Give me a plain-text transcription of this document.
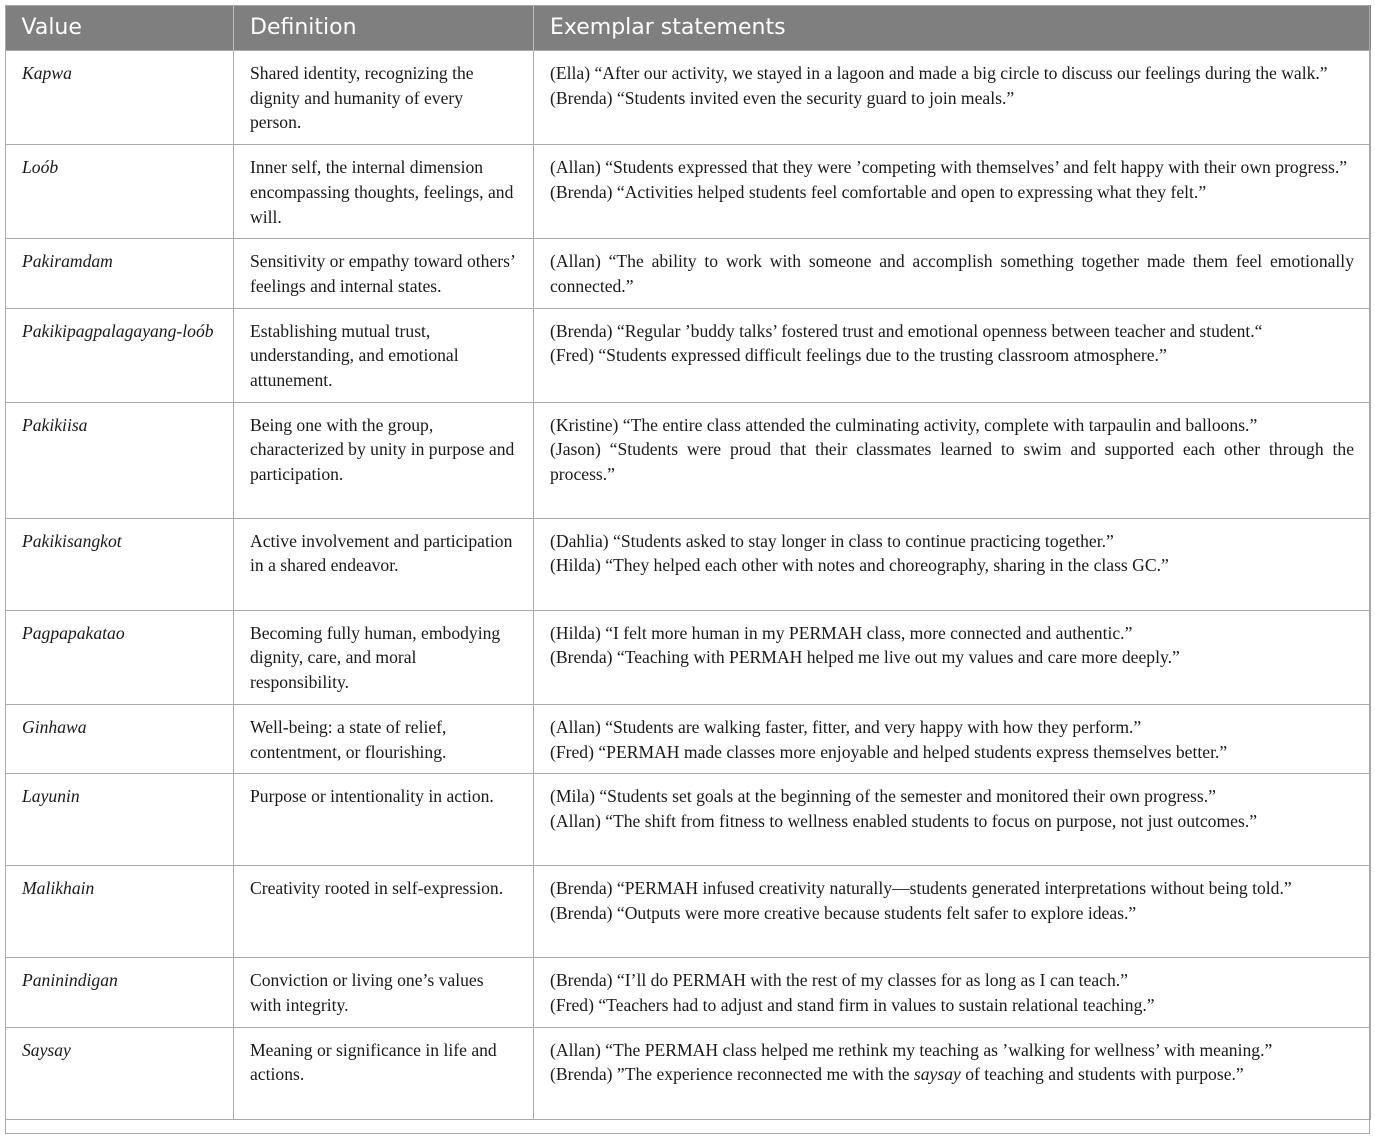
Value	Definition	Exemplar statements
Kapwa	Shared identity, recognizing the dignity and humanity of every person.	(Ella) “After our activity, we stayed in a lagoon and made a big circle to discuss our feelings during the walk.”
(Brenda) “Students invited even the security guard to join meals.”

Loób	Inner self, the internal dimension encompassing thoughts, feelings, and will.	(Allan) “Students expressed that they were ’competing with themselves’ and felt happy with their own progress.”
(Brenda) “Activities helped students feel comfortable and open to expressing what they felt.”

Pakiramdam	Sensitivity or empathy toward others’ feelings and internal states.	(Allan) “The ability to work with someone and accomplish something together made them feel emotionally connected.”

Pakikipagpalagayang-loób	Establishing mutual trust, understanding, and emotional attunement.	(Brenda) “Regular ’buddy talks’ fostered trust and emotional openness between teacher and student.“
(Fred) “Students expressed difficult feelings due to the trusting classroom atmosphere.”

Pakikiisa	Being one with the group, characterized by unity in purpose and participation.	(Kristine) “The entire class attended the culminating activity, complete with tarpaulin and balloons.”
(Jason) “Students were proud that their classmates learned to swim and supported each other through the process.”

Pakikisangkot	Active involvement and participation in a shared endeavor.	(Dahlia) “Students asked to stay longer in class to continue practicing together.”
(Hilda) “They helped each other with notes and choreography, sharing in the class GC.”

Pagpapakatao	Becoming fully human, embodying dignity, care, and moral responsibility.	(Hilda) “I felt more human in my PERMAH class, more connected and authentic.”
(Brenda) “Teaching with PERMAH helped me live out my values and care more deeply.”

Ginhawa	Well-being: a state of relief, contentment, or flourishing.	(Allan) “Students are walking faster, fitter, and very happy with how they perform.”
(Fred) “PERMAH made classes more enjoyable and helped students express themselves better.”

Layunin	Purpose or intentionality in action.	(Mila) “Students set goals at the beginning of the semester and monitored their own progress.”
(Allan) “The shift from fitness to wellness enabled students to focus on purpose, not just outcomes.”

Malikhain	Creativity rooted in self-expression.	(Brenda) “PERMAH infused creativity naturally—students generated interpretations without being told.”
(Brenda) “Outputs were more creative because students felt safer to explore ideas.”

Paninindigan	Conviction or living one’s values with integrity.	(Brenda) “I’ll do PERMAH with the rest of my classes for as long as I can teach.”
(Fred) “Teachers had to adjust and stand firm in values to sustain relational teaching.”

Saysay	Meaning or significance in life and actions.	(Allan) “The PERMAH class helped me rethink my teaching as ’walking for wellness’ with meaning.”
(Brenda) ”The experience reconnected me with the saysay of teaching and students with purpose.”
